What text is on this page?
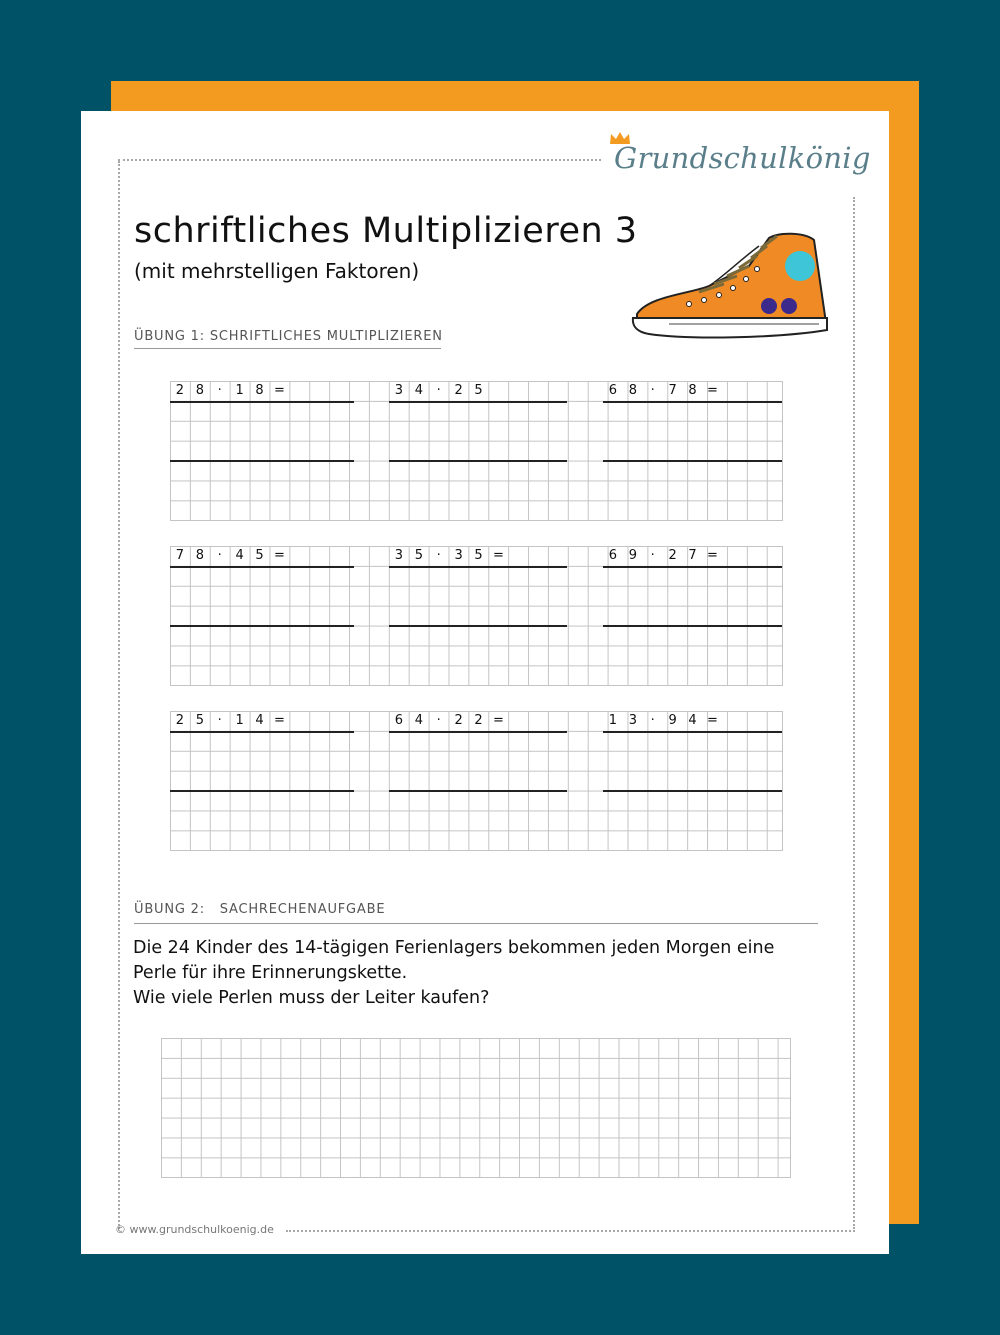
Grundschulkönig
schriftliches Multiplizieren 3
(mit mehrstelligen Faktoren)
ÜBUNG 1: SCHRIFTLICHES MULTIPLIZIEREN
2 8	·	1 8 =	3 4	·	2 5	6 8	·	7 8 =
7 8	·	4 5 =	3 5	·	3 5 =	6 9	·	2 7 =
2 5	·	1 4 =	6 4	·	2 2 =	1 3	·	9 4 =
ÜBUNG 2:   SACHRECHENAUFGABE
Die 24 Kinder des 14-tägigen Ferienlagers bekommen jeden Morgen eine
Perle für ihre Erinnerungskette.
Wie viele Perlen muss der Leiter kaufen?
© www.grundschulkoenig.de
